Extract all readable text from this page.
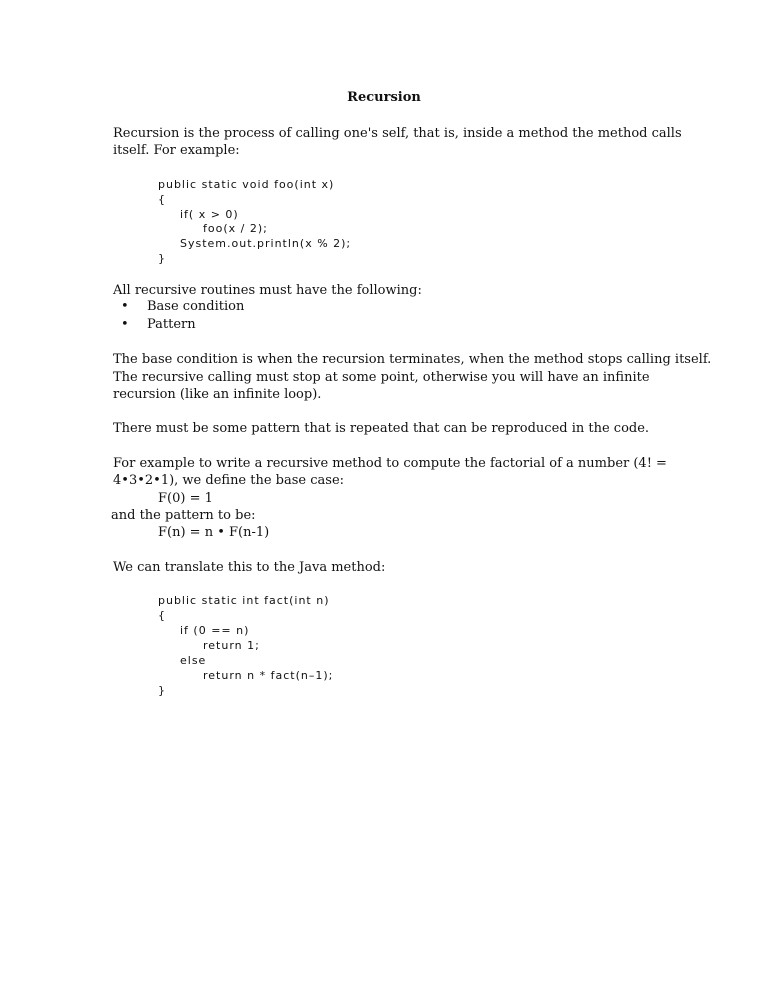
Recursion
Recursion is the process of calling one's self, that is, inside a method the method calls
itself. For example:
public static void foo(int x)
{
if( x > 0)
foo(x / 2);
System.out.println(x % 2);
}
All recursive routines must have the following:
• Base condition
• Pattern
The base condition is when the recursion terminates, when the method stops calling itself.
The recursive calling must stop at some point, otherwise you will have an infinite
recursion (like an infinite loop).
There must be some pattern that is repeated that can be reproduced in the code.
For example to write a recursive method to compute the factorial of a number (4! =
4•3•2•1), we define the base case:
F(0) = 1
and the pattern to be:
F(n) = n • F(n-1)
We can translate this to the Java method:
public static int fact(int n)
{
if (0 == n)
return 1;
else
return n * fact(n–1);
}
